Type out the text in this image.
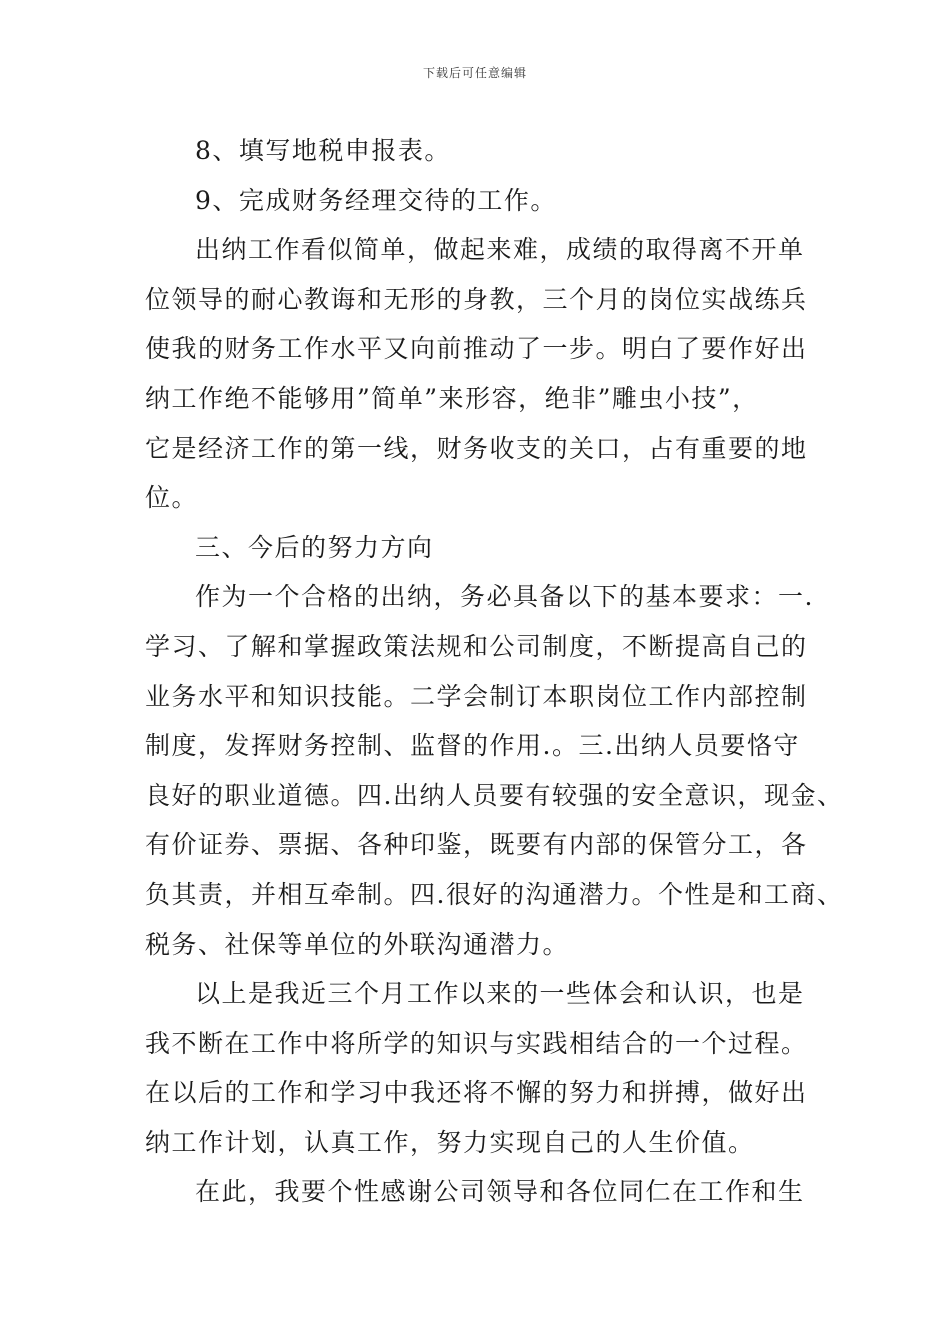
下载后可任意编辑
8、填写地税申报表。
9、完成财务经理交待的工作。
出纳工作看似简单，做起来难，成绩的取得离不开单
位领导的耐心教诲和无形的身教，三个月的岗位实战练兵
使我的财务工作水平又向前推动了一步。明白了要作好出
纳工作绝不能够用”简单”来形容，绝非”雕虫小技”，
它是经济工作的第一线，财务收支的关口，占有重要的地
位。
三、今后的努力方向
作为一个合格的出纳，务必具备以下的基本要求：一.
学习、了解和掌握政策法规和公司制度，不断提高自己的
业务水平和知识技能。二学会制订本职岗位工作内部控制
制度，发挥财务控制、监督的作用.。三.出纳人员要恪守
良好的职业道德。四.出纳人员要有较强的安全意识，现金、
有价证券、票据、各种印鉴，既要有内部的保管分工，各
负其责，并相互牵制。四.很好的沟通潜力。个性是和工商、
税务、社保等单位的外联沟通潜力。
以上是我近三个月工作以来的一些体会和认识，也是
我不断在工作中将所学的知识与实践相结合的一个过程。
在以后的工作和学习中我还将不懈的努力和拼搏，做好出
纳工作计划，认真工作，努力实现自己的人生价值。
在此，我要个性感谢公司领导和各位同仁在工作和生
